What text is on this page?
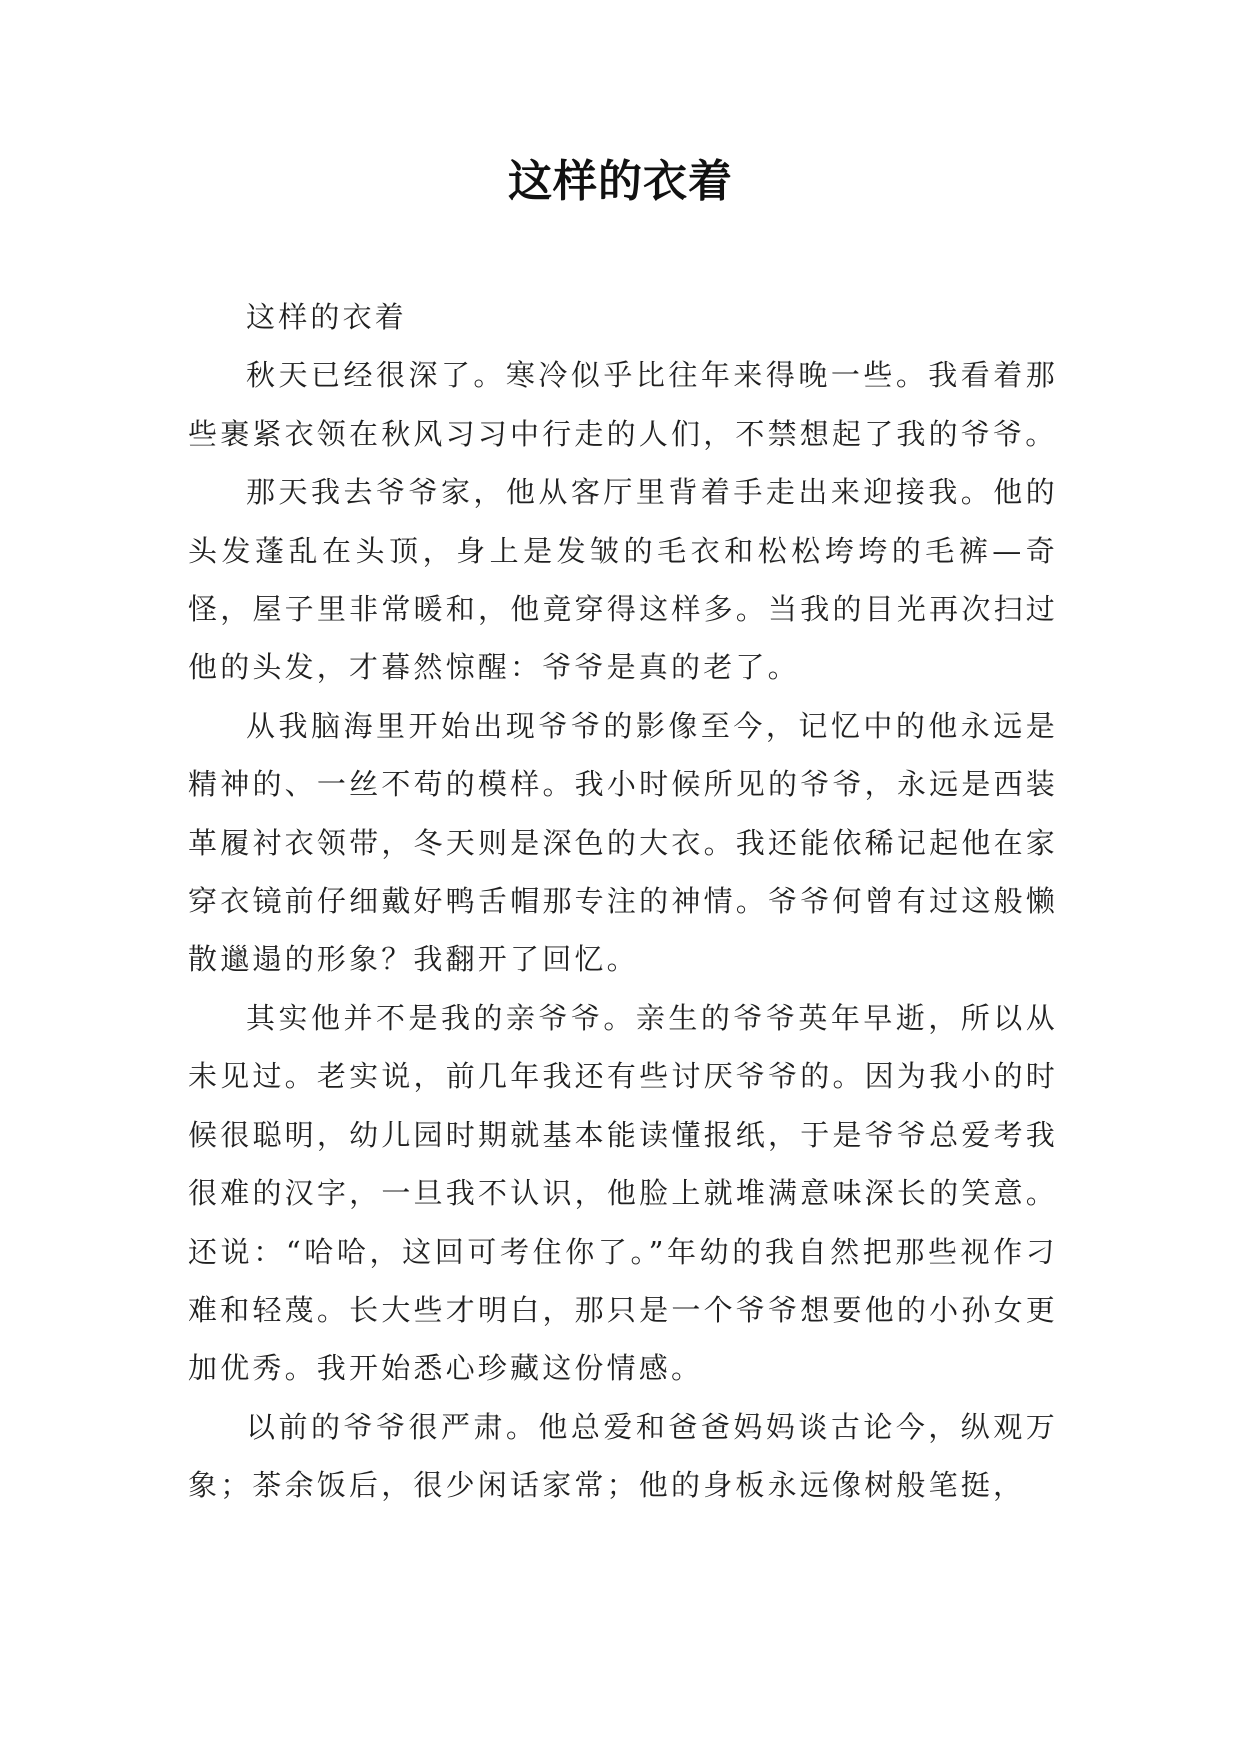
这样的衣着

这样的衣着

秋天已经很深了。寒冷似乎比往年来得晚一些。我看着那些裹紧衣领在秋风习习中行走的人们，不禁想起了我的爷爷。

那天我去爷爷家，他从客厅里背着手走出来迎接我。他的头发蓬乱在头顶，身上是发皱的毛衣和松松垮垮的毛裤—奇怪，屋子里非常暖和，他竟穿得这样多。当我的目光再次扫过他的头发，才暮然惊醒：爷爷是真的老了。

从我脑海里开始出现爷爷的影像至今，记忆中的他永远是精神的、一丝不苟的模样。我小时候所见的爷爷，永远是西装革履衬衣领带，冬天则是深色的大衣。我还能依稀记起他在家穿衣镜前仔细戴好鸭舌帽那专注的神情。爷爷何曾有过这般懒散邋遢的形象？我翻开了回忆。

其实他并不是我的亲爷爷。亲生的爷爷英年早逝，所以从未见过。老实说，前几年我还有些讨厌爷爷的。因为我小的时候很聪明，幼儿园时期就基本能读懂报纸，于是爷爷总爱考我很难的汉字，一旦我不认识，他脸上就堆满意味深长的笑意。还说：“哈哈，这回可考住你了。”年幼的我自然把那些视作刁难和轻蔑。长大些才明白，那只是一个爷爷想要他的小孙女更加优秀。我开始悉心珍藏这份情感。

以前的爷爷很严肃。他总爱和爸爸妈妈谈古论今，纵观万象；茶余饭后，很少闲话家常；他的身板永远像树般笔挺，
